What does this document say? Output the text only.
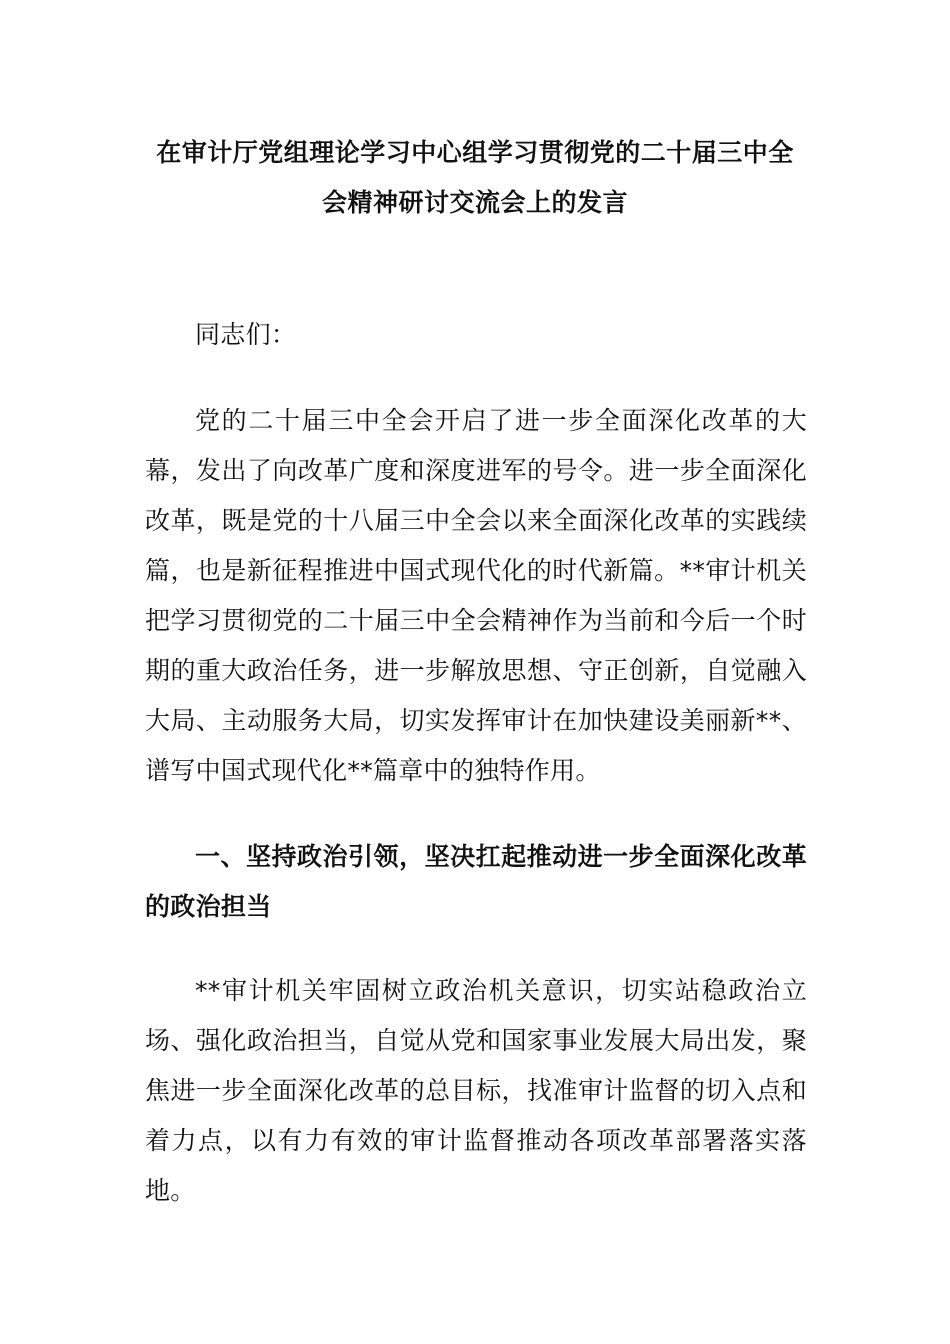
在审计厅党组理论学习中心组学习贯彻党的二十届三中全
会精神研讨交流会上的发言

同志们：

党的二十届三中全会开启了进一步全面深化改革的大幕，发出了向改革广度和深度进军的号令。进一步全面深化改革，既是党的十八届三中全会以来全面深化改革的实践续篇，也是新征程推进中国式现代化的时代新篇。**审计机关把学习贯彻党的二十届三中全会精神作为当前和今后一个时期的重大政治任务，进一步解放思想、守正创新，自觉融入大局、主动服务大局，切实发挥审计在加快建设美丽新**、谱写中国式现代化**篇章中的独特作用。

一、坚持政治引领，坚决扛起推动进一步全面深化改革的政治担当

**审计机关牢固树立政治机关意识，切实站稳政治立场、强化政治担当，自觉从党和国家事业发展大局出发，聚焦进一步全面深化改革的总目标，找准审计监督的切入点和着力点，以有力有效的审计监督推动各项改革部署落实落地。
